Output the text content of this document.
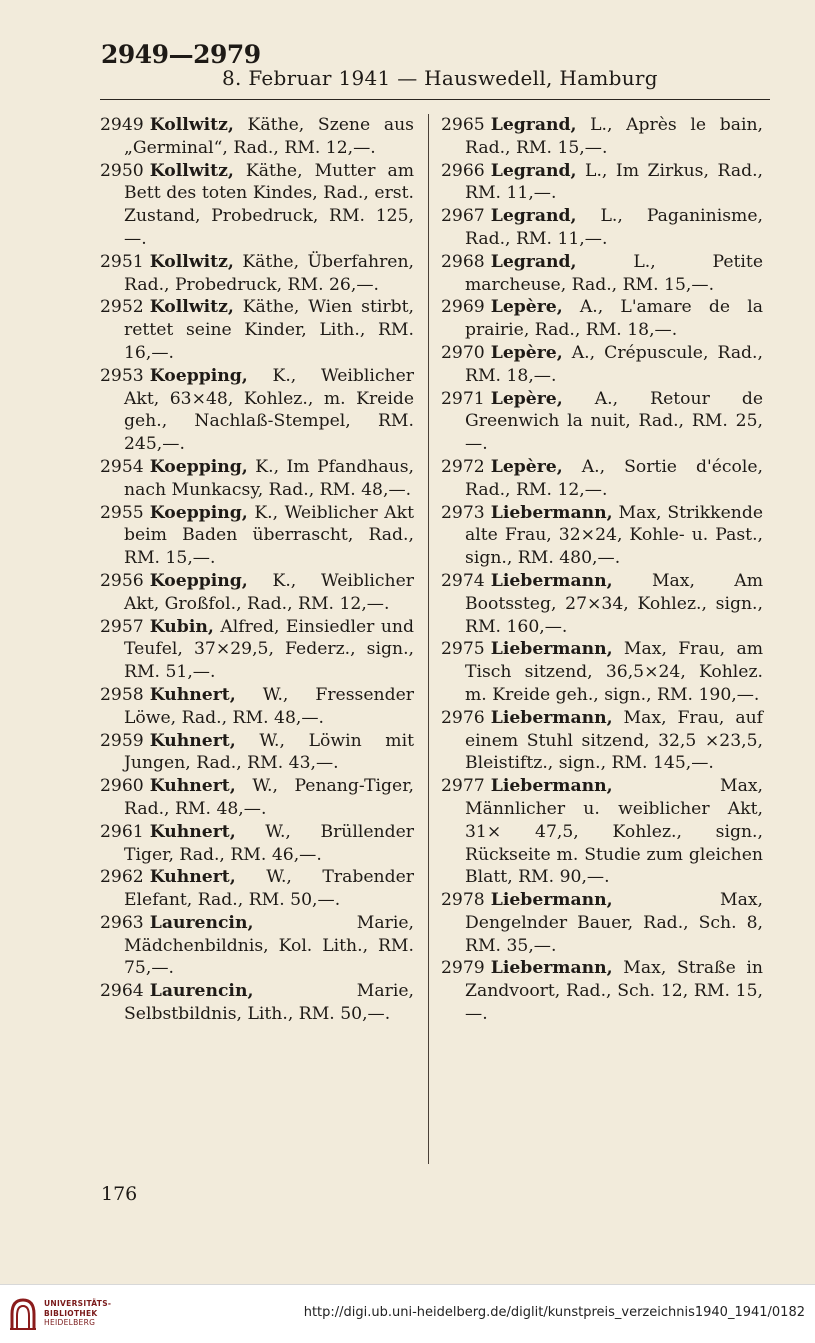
2949—2979
8. Februar 1941 — Hauswedell, Hamburg

2949 Kollwitz, Käthe, Szene aus „Germinal“, Rad., RM. 12,—.

2950 Kollwitz, Käthe, Mutter am Bett des toten Kindes, Rad., erst. Zustand, Probedruck, RM. 125,—.

2951 Kollwitz, Käthe, Überfahren, Rad., Probedruck, RM. 26,—.

2952 Kollwitz, Käthe, Wien stirbt, rettet seine Kinder, Lith., RM. 16,—.

2953 Koepping, K., Weiblicher Akt, 63×48, Kohlez., m. Kreide geh., Nachlaß-Stempel, RM. 245,—.

2954 Koepping, K., Im Pfandhaus, nach Munkacsy, Rad., RM. 48,—.

2955 Koepping, K., Weiblicher Akt beim Baden überrascht, Rad., RM. 15,—.

2956 Koepping, K., Weiblicher Akt, Großfol., Rad., RM. 12,—.

2957 Kubin, Alfred, Einsiedler und Teufel, 37×29,5, Federz., sign., RM. 51,—.

2958 Kuhnert, W., Fressender Löwe, Rad., RM. 48,—.

2959 Kuhnert, W., Löwin mit Jungen, Rad., RM. 43,—.

2960 Kuhnert, W., Penang-Tiger, Rad., RM. 48,—.

2961 Kuhnert, W., Brüllender Tiger, Rad., RM. 46,—.

2962 Kuhnert, W., Trabender Elefant, Rad., RM. 50,—.

2963 Laurencin,	Marie, Mädchenbildnis, Kol. Lith., RM. 75,—.

2964 Laurencin,	Marie, Selbstbildnis, Lith., RM. 50,—.

2965 Legrand, L., Après le bain, Rad., RM. 15,—.

2966 Legrand, L., Im Zirkus, Rad., RM. 11,—.

2967 Legrand, L., Paganinisme, Rad., RM. 11,—.

2968 Legrand,	L., Petite marcheuse, Rad., RM. 15,—.

2969 Lepère, A., L'amare de la prairie, Rad., RM. 18,—.

2970 Lepère, A., Crépuscule, Rad., RM. 18,—.

2971 Lepère, A., Retour de Greenwich la nuit, Rad., RM. 25,—.

2972 Lepère, A., Sortie d'école, Rad., RM. 12,—.

2973 Liebermann, Max, Strikkende alte Frau, 32×24, Kohle- u. Past., sign., RM. 480,—.

2974 Liebermann, Max, Am Bootssteg, 27×34, Kohlez., sign., RM. 160,—.

2975 Liebermann, Max, Frau, am Tisch sitzend, 36,5×24, Kohlez. m. Kreide geh., sign., RM. 190,—.

2976 Liebermann, Max, Frau, auf einem Stuhl sitzend, 32,5 ×23,5, Bleistiftz., sign., RM. 145,—.

2977 Liebermann,	Max, Männlicher u. weiblicher Akt, 31× 47,5, Kohlez., sign., Rückseite m. Studie zum gleichen Blatt, RM. 90,—.

2978 Liebermann,	Max, Dengelnder Bauer, Rad., Sch. 8, RM. 35,—.

2979 Liebermann, Max, Straße in Zandvoort, Rad., Sch. 12, RM. 15,—.

176
UNIVERSITÄTS-
BIBLIOTHEK
HEIDELBERG
http://digi.ub.uni-heidelberg.de/diglit/kunstpreis_verzeichnis1940_1941/0182
